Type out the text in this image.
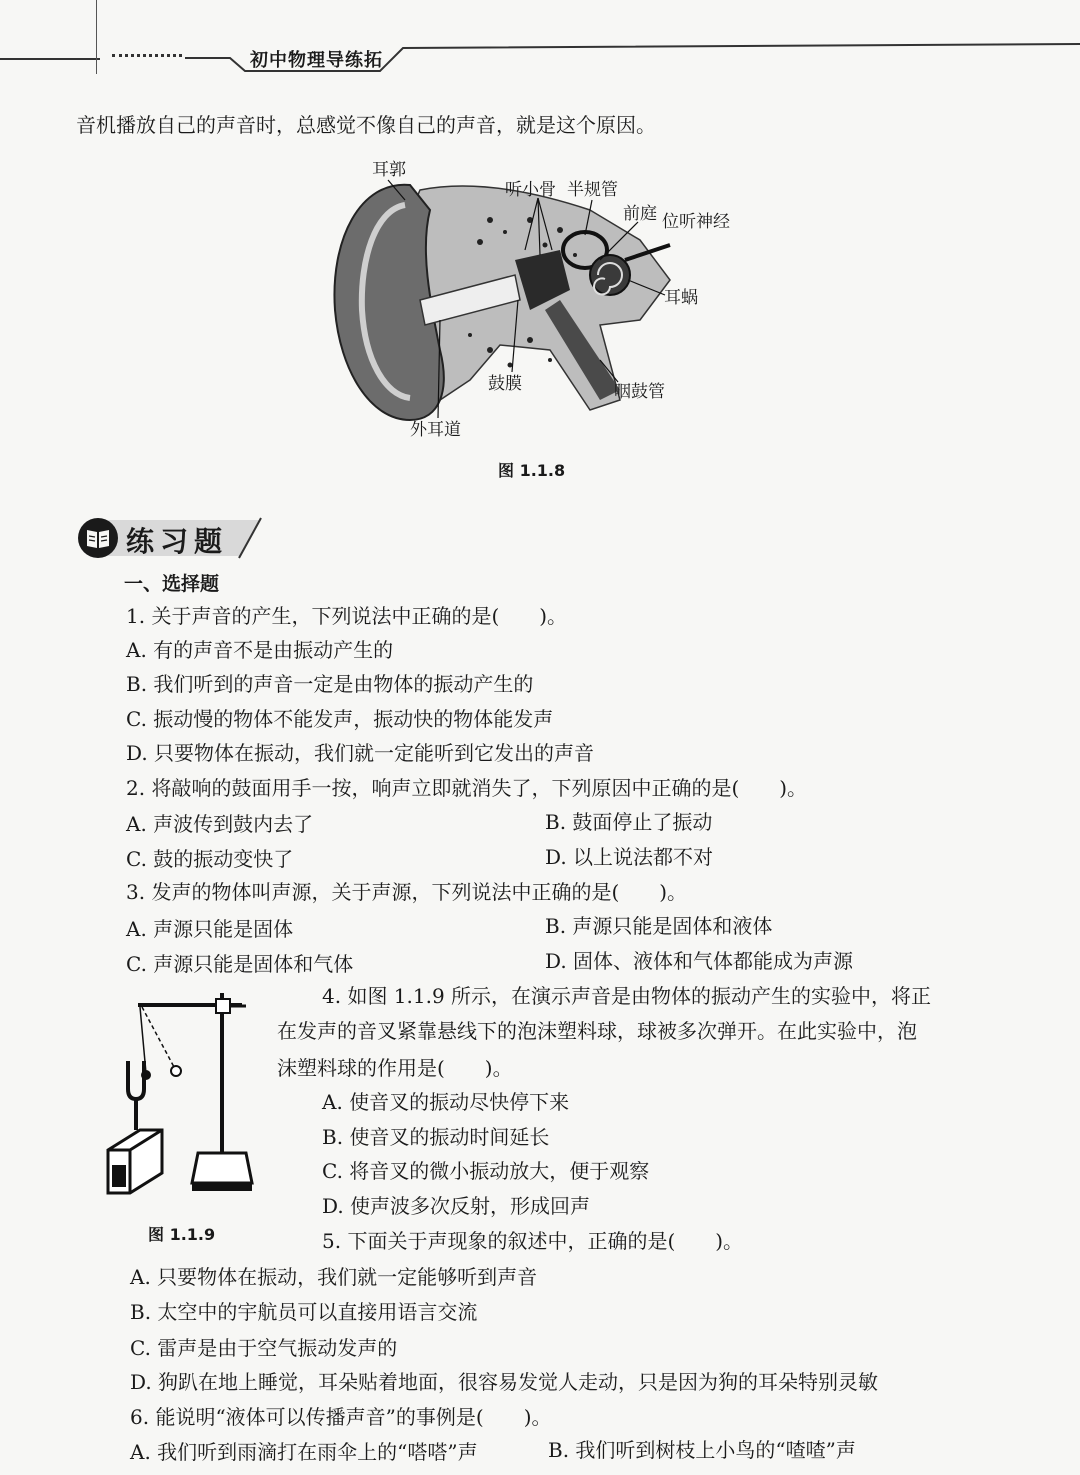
初中物理导练拓
音机播放自己的声音时，总感觉不像自己的声音，就是这个原因。
耳郭
听小骨 半规管
前庭 位听神经
耳蜗
鼓膜	咽鼓管
外耳道
图 1.1.8
练习题
一、选择题
1. 关于声音的产生，下列说法中正确的是(　　)。
A. 有的声音不是由振动产生的
B. 我们听到的声音一定是由物体的振动产生的
C. 振动慢的物体不能发声，振动快的物体能发声
D. 只要物体在振动，我们就一定能听到它发出的声音
2. 将敲响的鼓面用手一按，响声立即就消失了，下列原因中正确的是(　　)。
A. 声波传到鼓内去了	B. 鼓面停止了振动
C. 鼓的振动变快了	D. 以上说法都不对
3. 发声的物体叫声源，关于声源，下列说法中正确的是(　　)。
A. 声源只能是固体	B. 声源只能是固体和液体
C. 声源只能是固体和气体	D. 固体、液体和气体都能成为声源
图 1.1.9
4. 如图 1.1.9 所示，在演示声音是由物体的振动产生的实验中，将正
在发声的音叉紧靠悬线下的泡沫塑料球，球被多次弹开。在此实验中，泡
沫塑料球的作用是(　　)。
A. 使音叉的振动尽快停下来
B. 使音叉的振动时间延长
C. 将音叉的微小振动放大，便于观察
D. 使声波多次反射，形成回声
5. 下面关于声现象的叙述中，正确的是(　　)。
A. 只要物体在振动，我们就一定能够听到声音
B. 太空中的宇航员可以直接用语言交流
C. 雷声是由于空气振动发声的
D. 狗趴在地上睡觉，耳朵贴着地面，很容易发觉人走动，只是因为狗的耳朵特别灵敏
6. 能说明“液体可以传播声音”的事例是(　　)。
A. 我们听到雨滴打在雨伞上的“嗒嗒”声	B. 我们听到树枝上小鸟的“喳喳”声
